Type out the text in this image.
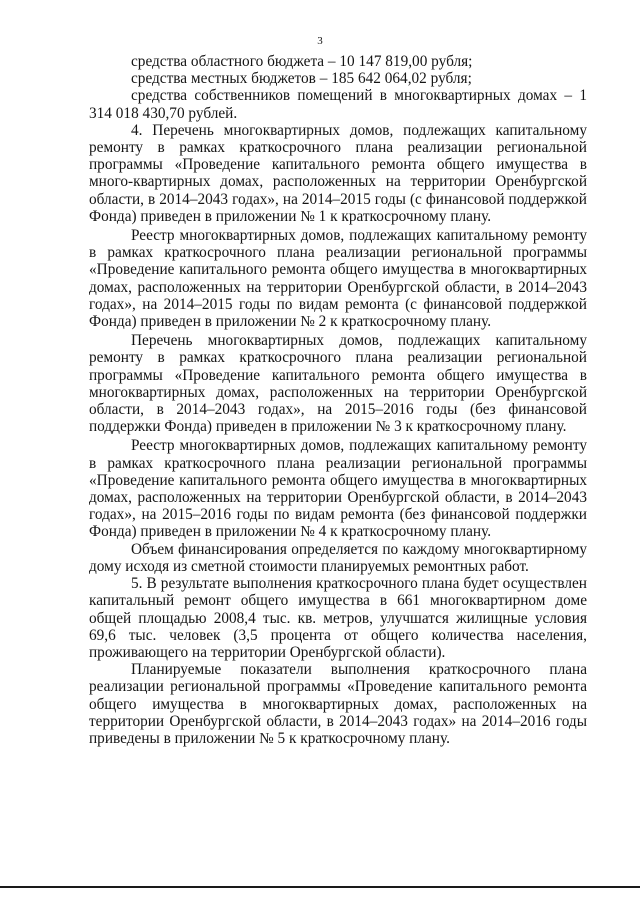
3

средства областного бюджета – 10 147 819,00 рубля;

средства местных бюджетов – 185 642 064,02 рубля;

средства собственников помещений в многоквартирных домах – 1 314 018 430,70 рублей.

4. Перечень многоквартирных домов, подлежащих капитальному ремонту в рамках краткосрочного плана реализации региональной программы «Проведение капитального ремонта общего имущества в много-квартирных домах, расположенных на территории Оренбургской области, в 2014–2043 годах», на 2014–2015 годы (с финансовой поддержкой Фонда) приведен в приложении № 1 к краткосрочному плану.

Реестр многоквартирных домов, подлежащих капитальному ремонту в рамках краткосрочного плана реализации региональной программы «Проведение капитального ремонта общего имущества в многоквартирных домах, расположенных на территории Оренбургской области, в 2014–2043 годах», на 2014–2015 годы по видам ремонта (с финансовой поддержкой Фонда) приведен в приложении № 2 к краткосрочному плану.

Перечень многоквартирных домов, подлежащих капитальному ремонту в рамках краткосрочного плана реализации региональной программы «Проведение капитального ремонта общего имущества в многоквартирных домах, расположенных на территории Оренбургской области, в 2014–2043 годах», на 2015–2016 годы (без финансовой поддержки Фонда) приведен в приложении № 3 к краткосрочному плану.

Реестр многоквартирных домов, подлежащих капитальному ремонту в рамках краткосрочного плана реализации региональной программы «Проведение капитального ремонта общего имущества в многоквартирных домах, расположенных на территории Оренбургской области, в 2014–2043 годах», на 2015–2016 годы по видам ремонта (без финансовой поддержки Фонда) приведен в приложении № 4 к краткосрочному плану.

Объем финансирования определяется по каждому многоквартирному дому исходя из сметной стоимости планируемых ремонтных работ.

5. В результате выполнения краткосрочного плана будет осуществлен капитальный ремонт общего имущества в 661 многоквартирном доме общей площадью 2008,4 тыс. кв. метров, улучшатся жилищные условия 69,6 тыс. человек (3,5 процента от общего количества населения, проживающего на территории Оренбургской области).

Планируемые показатели выполнения краткосрочного плана реализации региональной программы «Проведение капитального ремонта общего имущества в многоквартирных домах, расположенных на территории Оренбургской области, в 2014–2043 годах» на 2014–2016 годы приведены в приложении № 5 к краткосрочному плану.
